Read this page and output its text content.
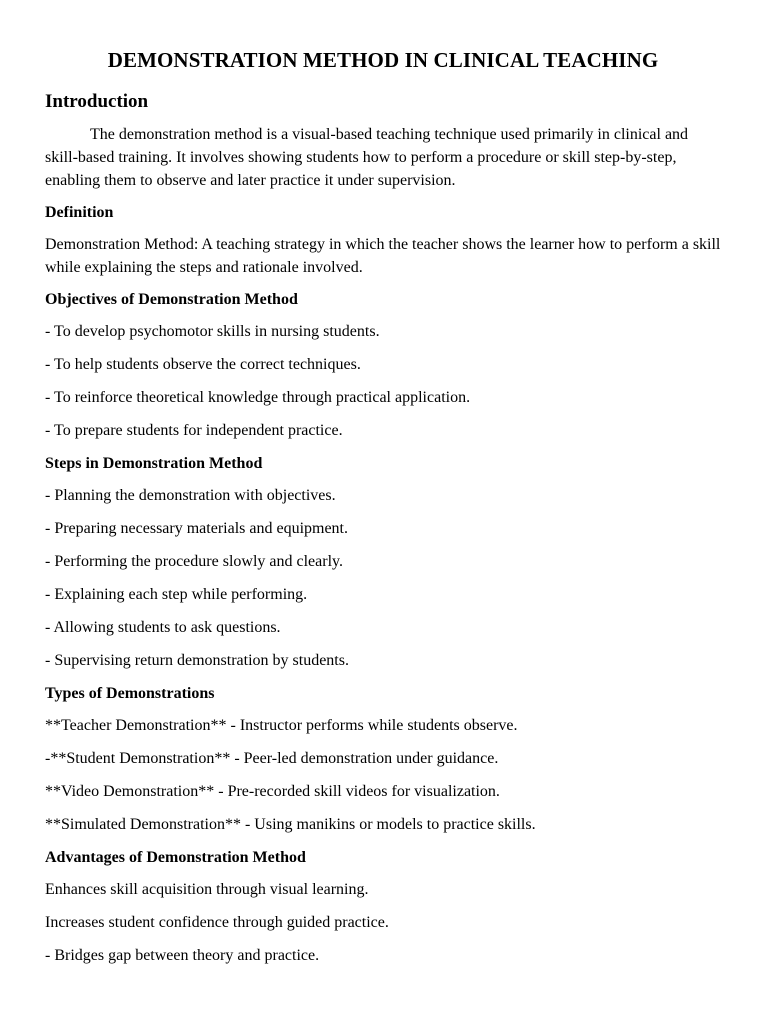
DEMONSTRATION METHOD IN CLINICAL TEACHING
Introduction

The demonstration method is a visual-based teaching technique used primarily in clinical and skill-based training. It involves showing students how to perform a procedure or skill step-by-step, enabling them to observe and later practice it under supervision.

Definition

Demonstration Method: A teaching strategy in which the teacher shows the learner how to perform a skill while explaining the steps and rationale involved.

Objectives of Demonstration Method
- To develop psychomotor skills in nursing students.
- To help students observe the correct techniques.
- To reinforce theoretical knowledge through practical application.
- To prepare students for independent practice.
Steps in Demonstration Method
- Planning the demonstration with objectives.
- Preparing necessary materials and equipment.
- Performing the procedure slowly and clearly.
- Explaining each step while performing.
- Allowing students to ask questions.
- Supervising return demonstration by students.
Types of Demonstrations
**Teacher Demonstration** - Instructor performs while students observe.
-**Student Demonstration** - Peer-led demonstration under guidance.
**Video Demonstration** - Pre-recorded skill videos for visualization.
**Simulated Demonstration** - Using manikins or models to practice skills.
Advantages of Demonstration Method
Enhances skill acquisition through visual learning.
Increases student confidence through guided practice.
- Bridges gap between theory and practice.
